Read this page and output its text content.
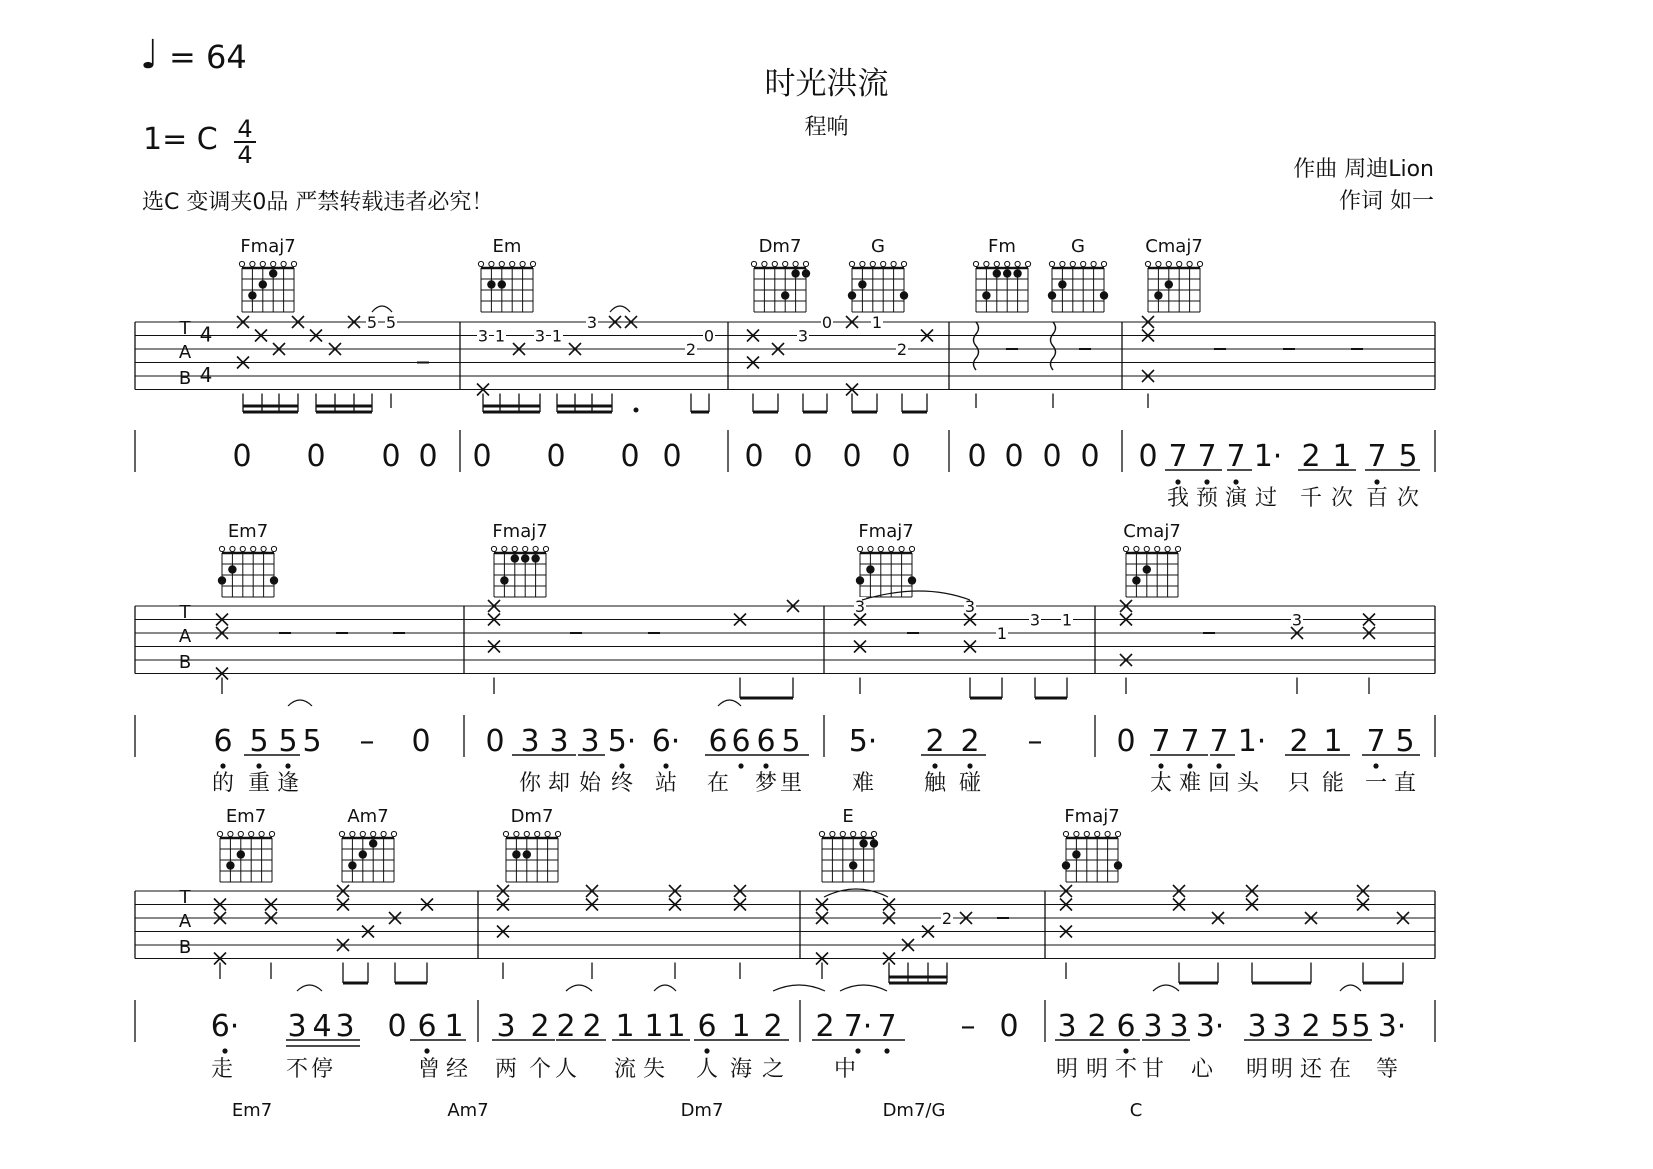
♩ = 64
时光洪流
程响
1= C 4
4
选C 变调夹0品 严禁转载违者必究！
作曲 周迪Lion
作词 如一
T
A
B
T
A
B
T
A
B
4
4
Fmaj7	Em	Dm7	G	Fm	G	Cmaj7
Em7	Fmaj7	Fmaj7	Cmaj7
Em7	Am7	Dm7	E	Fmaj7
Em7	Am7	Dm7	Dm7/G	C
5 5
3 1 3 1
3
0
2
3
0 1
2
3	3
1
3 1	3
2
0 0 0 0 0 0 0 0 0 0 0 0 0 0 0 0 0 7 7 7 1· 2 1 7 5
6 5 5 5 – 0 0 3 3 3 5· 6· 6 6 6 5 5· 2 2 – 0 7 7 7 1· 2 1 7 5
6· 3 4 3 0 6 1 3 2 2 2 1 1 1 6 1 2 2 7· 7 – 0 3 2 6 3 3 3· 3 3 2 5 5 3·
我 预 演 过 千 次 百 次
的 重 逢	你 却 始 终 站 在 梦 里 难 触 碰	太 难 回 头 只 能 一 直
走 不 停	曾 经 两 个 人 流 失 人 海 之 中	明 明 不 甘 心 明 明 还 在 等
